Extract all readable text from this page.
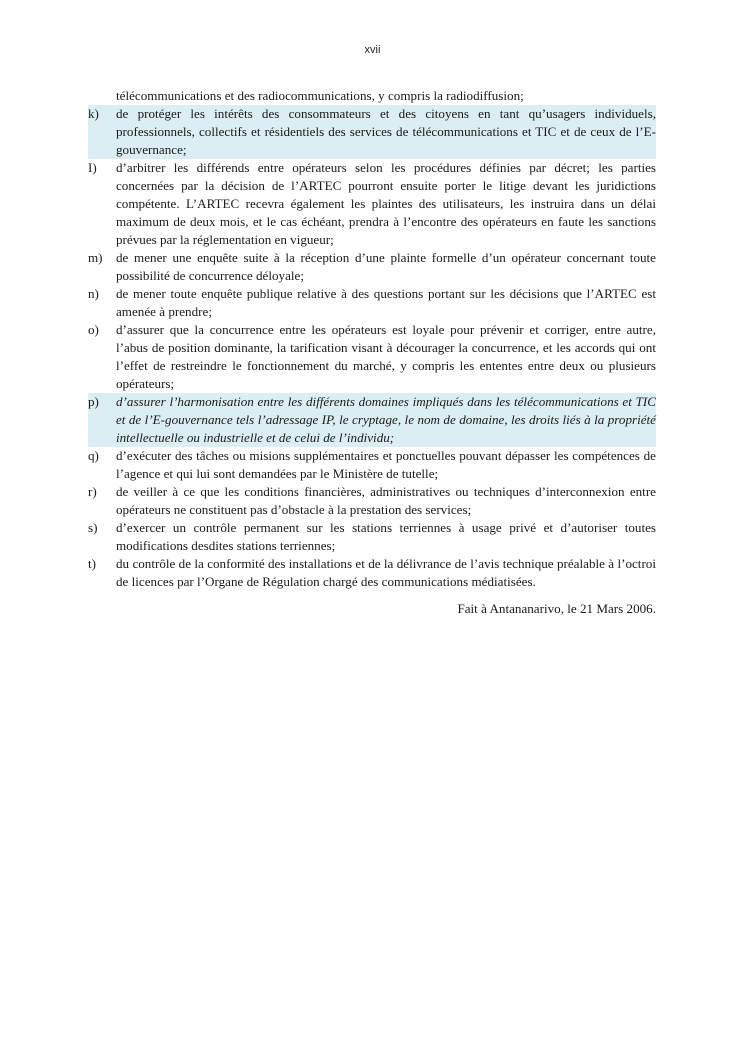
xvii
télécommunications et des radiocommunications, y compris la radiodiffusion;
k)	de protéger les intérêts des consommateurs et des citoyens en tant qu’usagers individuels, professionnels, collectifs et résidentiels des services de télécommunications et TIC et de ceux de l’E-gouvernance;
I)	d’arbitrer les différends entre opérateurs selon les procédures définies par décret; les parties concernées par la décision de l’ARTEC pourront ensuite porter le litige devant les juridictions compétente. L’ARTEC recevra également les plaintes des utilisateurs, les instruira dans un délai maximum de deux mois, et le cas échéant, prendra à l’encontre des opérateurs en faute les sanctions prévues par la réglementation en vigueur;
m)	de mener une enquête suite à la réception d’une plainte formelle d’un opérateur concernant toute possibilité de concurrence déloyale;
n)	de mener toute enquête publique relative à des questions portant sur les décisions que l’ARTEC est amenée à prendre;
o)	d’assurer que la concurrence entre les opérateurs est loyale pour prévenir et corriger, entre autre, l’abus de position dominante, la tarification visant à décourager la concurrence, et les accords qui ont l’effet de restreindre le fonctionnement du marché, y compris les ententes entre deux ou plusieurs opérateurs;
p)	d’assurer l’harmonisation entre les différents domaines impliqués dans les télécommunications et TIC et de l’E-gouvernance tels l’adressage IP, le cryptage, le nom de domaine, les droits liés à la propriété intellectuelle ou industrielle et de celui de l’individu;
q)	d’exécuter des tâches ou misions supplémentaires et ponctuelles pouvant dépasser les compétences de l’agence et qui lui sont demandées par le Ministère de tutelle;
r)	de veiller à ce que les conditions financières, administratives ou techniques d’interconnexion entre opérateurs ne constituent pas d’obstacle à la prestation des services;
s)	d’exercer un contrôle permanent sur les stations terriennes à usage privé et d’autoriser toutes modifications desdites stations terriennes;
t)	du contrôle de la conformité des installations et de la délivrance de l’avis technique préalable à l’octroi de licences par l’Organe de Régulation chargé des communications médiatisées.
Fait à Antananarivo, le 21 Mars 2006.
